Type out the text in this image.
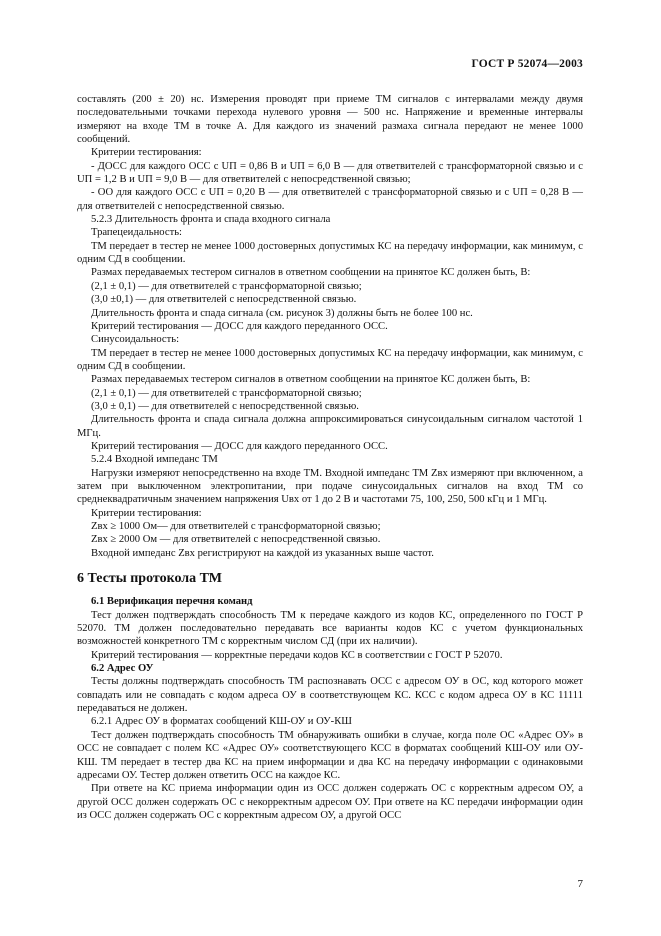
ГОСТ Р 52074—2003

составлять (200 ± 20) нс. Измерения проводят при приеме ТМ сигналов с интервалами между двумя последовательными точками перехода нулевого уровня — 500 нс. Напряжение и временные интервалы измеряют на входе ТМ в точке А. Для каждого из значений размаха сигнала передают не менее 1000 сообщений.

Критерии тестирования:

- ДОСС для каждого ОСС с UП = 0,86 В и UП = 6,0 В — для ответвителей с трансформаторной связью и с UП = 1,2 В и UП = 9,0 В — для ответвителей с непосредственной связью;

- ОО для каждого ОСС с UП = 0,20 В — для ответвителей с трансформаторной связью и с UП = 0,28 В — для ответвителей с непосредственной связью.

5.2.3 Длительность фронта и спада входного сигнала

Трапецеидальность:

ТМ передает в тестер не менее 1000 достоверных допустимых КС на передачу информации, как минимум, с одним СД в сообщении.

Размах передаваемых тестером сигналов в ответном сообщении на принятое КС должен быть, В:

(2,1 ± 0,1) — для ответвителей с трансформаторной связью;

(3,0 ±0,1) — для ответвителей с непосредственной связью.

Длительность фронта и спада сигнала (см. рисунок 3) должны быть не более 100 нс.

Критерий тестирования — ДОСС для каждого переданного ОСС.

Синусоидальность:

ТМ передает в тестер не менее 1000 достоверных допустимых КС на передачу информации, как минимум, с одним СД в сообщении.

Размах передаваемых тестером сигналов в ответном сообщении на принятое КС должен быть, В:

(2,1 ± 0,1) — для ответвителей с трансформаторной связью;

(3,0 ± 0,1) — для ответвителей с непосредственной связью.

Длительность фронта и спада сигнала должна аппроксимироваться синусоидальным сигналом частотой 1 МГц.

Критерий тестирования — ДОСС для каждого переданного ОСС.

5.2.4 Входной импеданс ТМ

Нагрузки измеряют непосредственно на входе ТМ. Входной импеданс ТМ Zвх измеряют при включенном, а затем при выключенном электропитании, при подаче синусоидальных сигналов на вход ТМ со среднеквадратичным значением напряжения Uвх от 1 до 2 В и частотами 75, 100, 250, 500 кГц и 1 МГц.

Критерии тестирования:

Zвх ≥ 1000 Ом— для ответвителей с трансформаторной связью;

Zвх ≥ 2000 Ом — для ответвителей с непосредственной связью.

Входной импеданс Zвх регистрируют на каждой из указанных выше частот.

6 Тесты протокола ТМ

6.1 Верификация перечня команд

Тест должен подтверждать способность ТМ к передаче каждого из кодов КС, определенного по ГОСТ Р 52070. ТМ должен последовательно передавать все варианты кодов КС с учетом функциональных возможностей конкретного ТМ с корректным числом СД (при их наличии).

Критерий тестирования — корректные передачи кодов КС в соответствии с ГОСТ Р 52070.

6.2 Адрес ОУ

Тесты должны подтверждать способность ТМ распознавать ОСС с адресом ОУ в ОС, код которого может совпадать или не совпадать с кодом адреса ОУ в соответствующем КС. КСС с кодом адреса ОУ в КС 11111 передаваться не должен.

6.2.1 Адрес ОУ в форматах сообщений КШ-ОУ и ОУ-КШ

Тест должен подтверждать способность ТМ обнаруживать ошибки в случае, когда поле ОС «Адрес ОУ» в ОСС не совпадает с полем КС «Адрес ОУ» соответствующего КСС в форматах сообщений КШ-ОУ или ОУ-КШ. ТМ передает в тестер два КС на прием информации и два КС на передачу информации с одинаковыми адресами ОУ. Тестер должен ответить ОСС на каждое КС.

При ответе на КС приема информации один из ОСС должен содержать ОС с корректным адресом ОУ, а другой ОСС должен содержать ОС с некорректным адресом ОУ. При ответе на КС передачи информации один из ОСС должен содержать ОС с корректным адресом ОУ, а другой ОСС

7
